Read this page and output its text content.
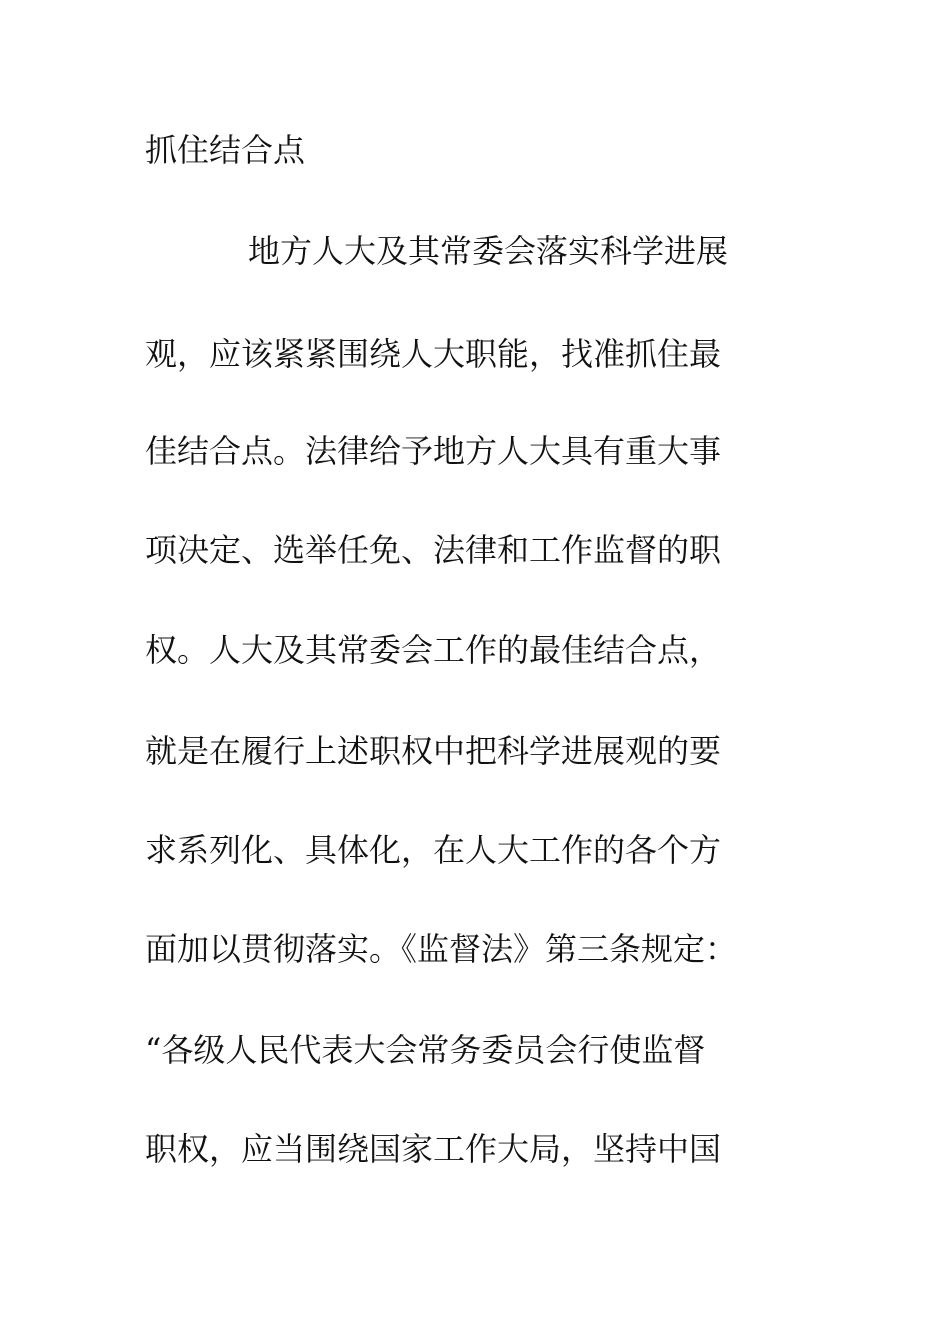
抓住结合点
地方人大及其常委会落实科学进展
观，应该紧紧围绕人大职能，找准抓住最
佳结合点。法律给予地方人大具有重大事
项决定、选举任免、法律和工作监督的职
权。人大及其常委会工作的最佳结合点，
就是在履行上述职权中把科学进展观的要
求系列化、具体化，在人大工作的各个方
面加以贯彻落实。《监督法》第三条规定：
“各级人民代表大会常务委员会行使监督
职权，应当围绕国家工作大局，坚持中国
